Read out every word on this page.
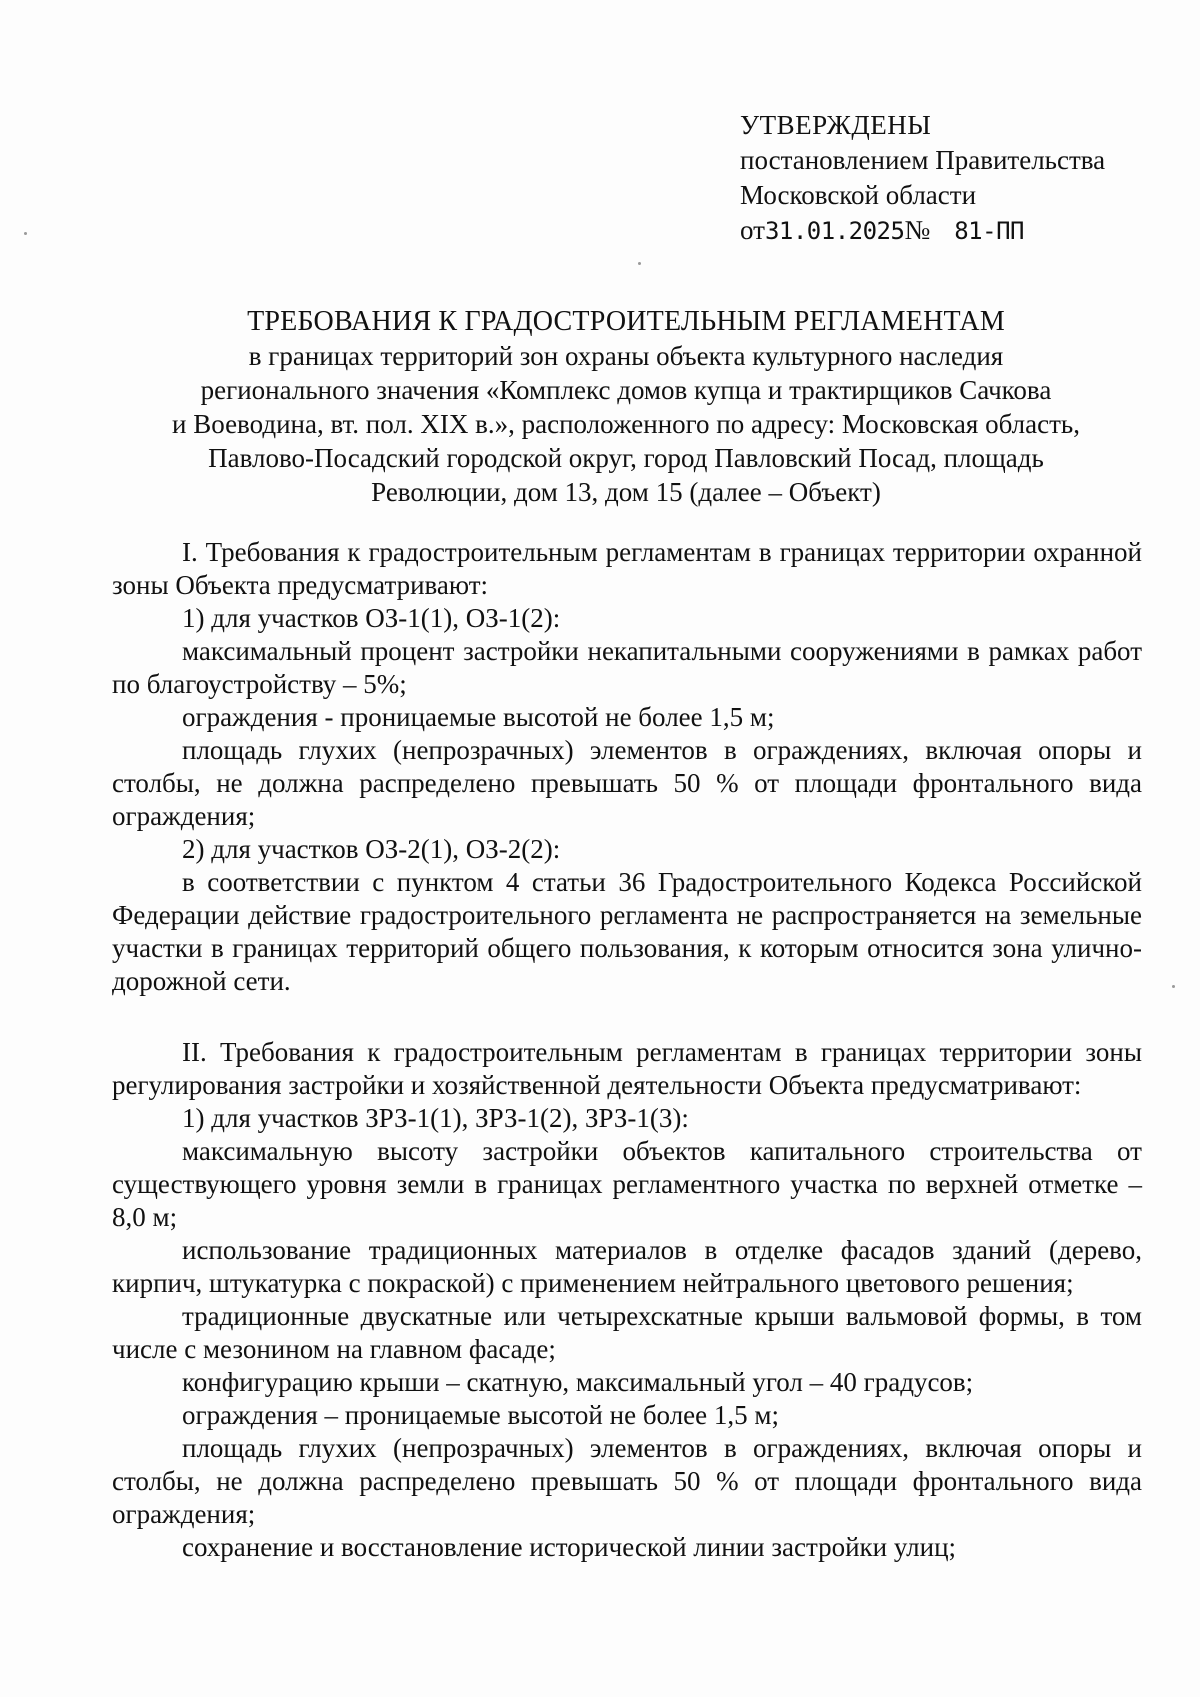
УТВЕРЖДЕНЫ
постановлением Правительства
Московской области
от31.01.2025№ 81-ПП
ТРЕБОВАНИЯ К ГРАДОСТРОИТЕЛЬНЫМ РЕГЛАМЕНТАМ
в границах территорий зон охраны объекта культурного наследия
регионального значения «Комплекс домов купца и трактирщиков Сачкова
и Воеводина, вт. пол. XIX в.», расположенного по адресу: Московская область,
Павлово-Посадский городской округ, город Павловский Посад, площадь
Революции, дом 13, дом 15 (далее – Объект)

I. Требования к градостроительным регламентам в границах территории охранной зоны Объекта предусматривают:

1) для участков ОЗ-1(1), ОЗ-1(2):

максимальный процент застройки некапитальными сооружениями в рамках работ по благоустройству – 5%;

ограждения - проницаемые высотой не более 1,5 м;

площадь глухих (непрозрачных) элементов в ограждениях, включая опоры и столбы, не должна распределено превышать 50 % от площади фронтального вида ограждения;

2) для участков ОЗ-2(1), ОЗ-2(2):

в соответствии с пунктом 4 статьи 36 Градостроительного Кодекса Российской Федерации действие градостроительного регламента не распространяется на земельные участки в границах территорий общего пользования, к которым относится зона улично-дорожной сети.

II. Требования к градостроительным регламентам в границах территории зоны регулирования застройки и хозяйственной деятельности Объекта предусматривают:

1) для участков ЗРЗ-1(1), ЗРЗ-1(2), ЗРЗ-1(3):

максимальную высоту застройки объектов капитального строительства от существующего уровня земли в границах регламентного участка по верхней отметке – 8,0 м;

использование традиционных материалов в отделке фасадов зданий (дерево, кирпич, штукатурка с покраской) с применением нейтрального цветового решения;

традиционные двускатные или четырехскатные крыши вальмовой формы, в том числе с мезонином на главном фасаде;

конфигурацию крыши – скатную, максимальный угол – 40 градусов;

ограждения – проницаемые высотой не более 1,5 м;

площадь глухих (непрозрачных) элементов в ограждениях, включая опоры и столбы, не должна распределено превышать 50 % от площади фронтального вида ограждения;

сохранение и восстановление исторической линии застройки улиц;
